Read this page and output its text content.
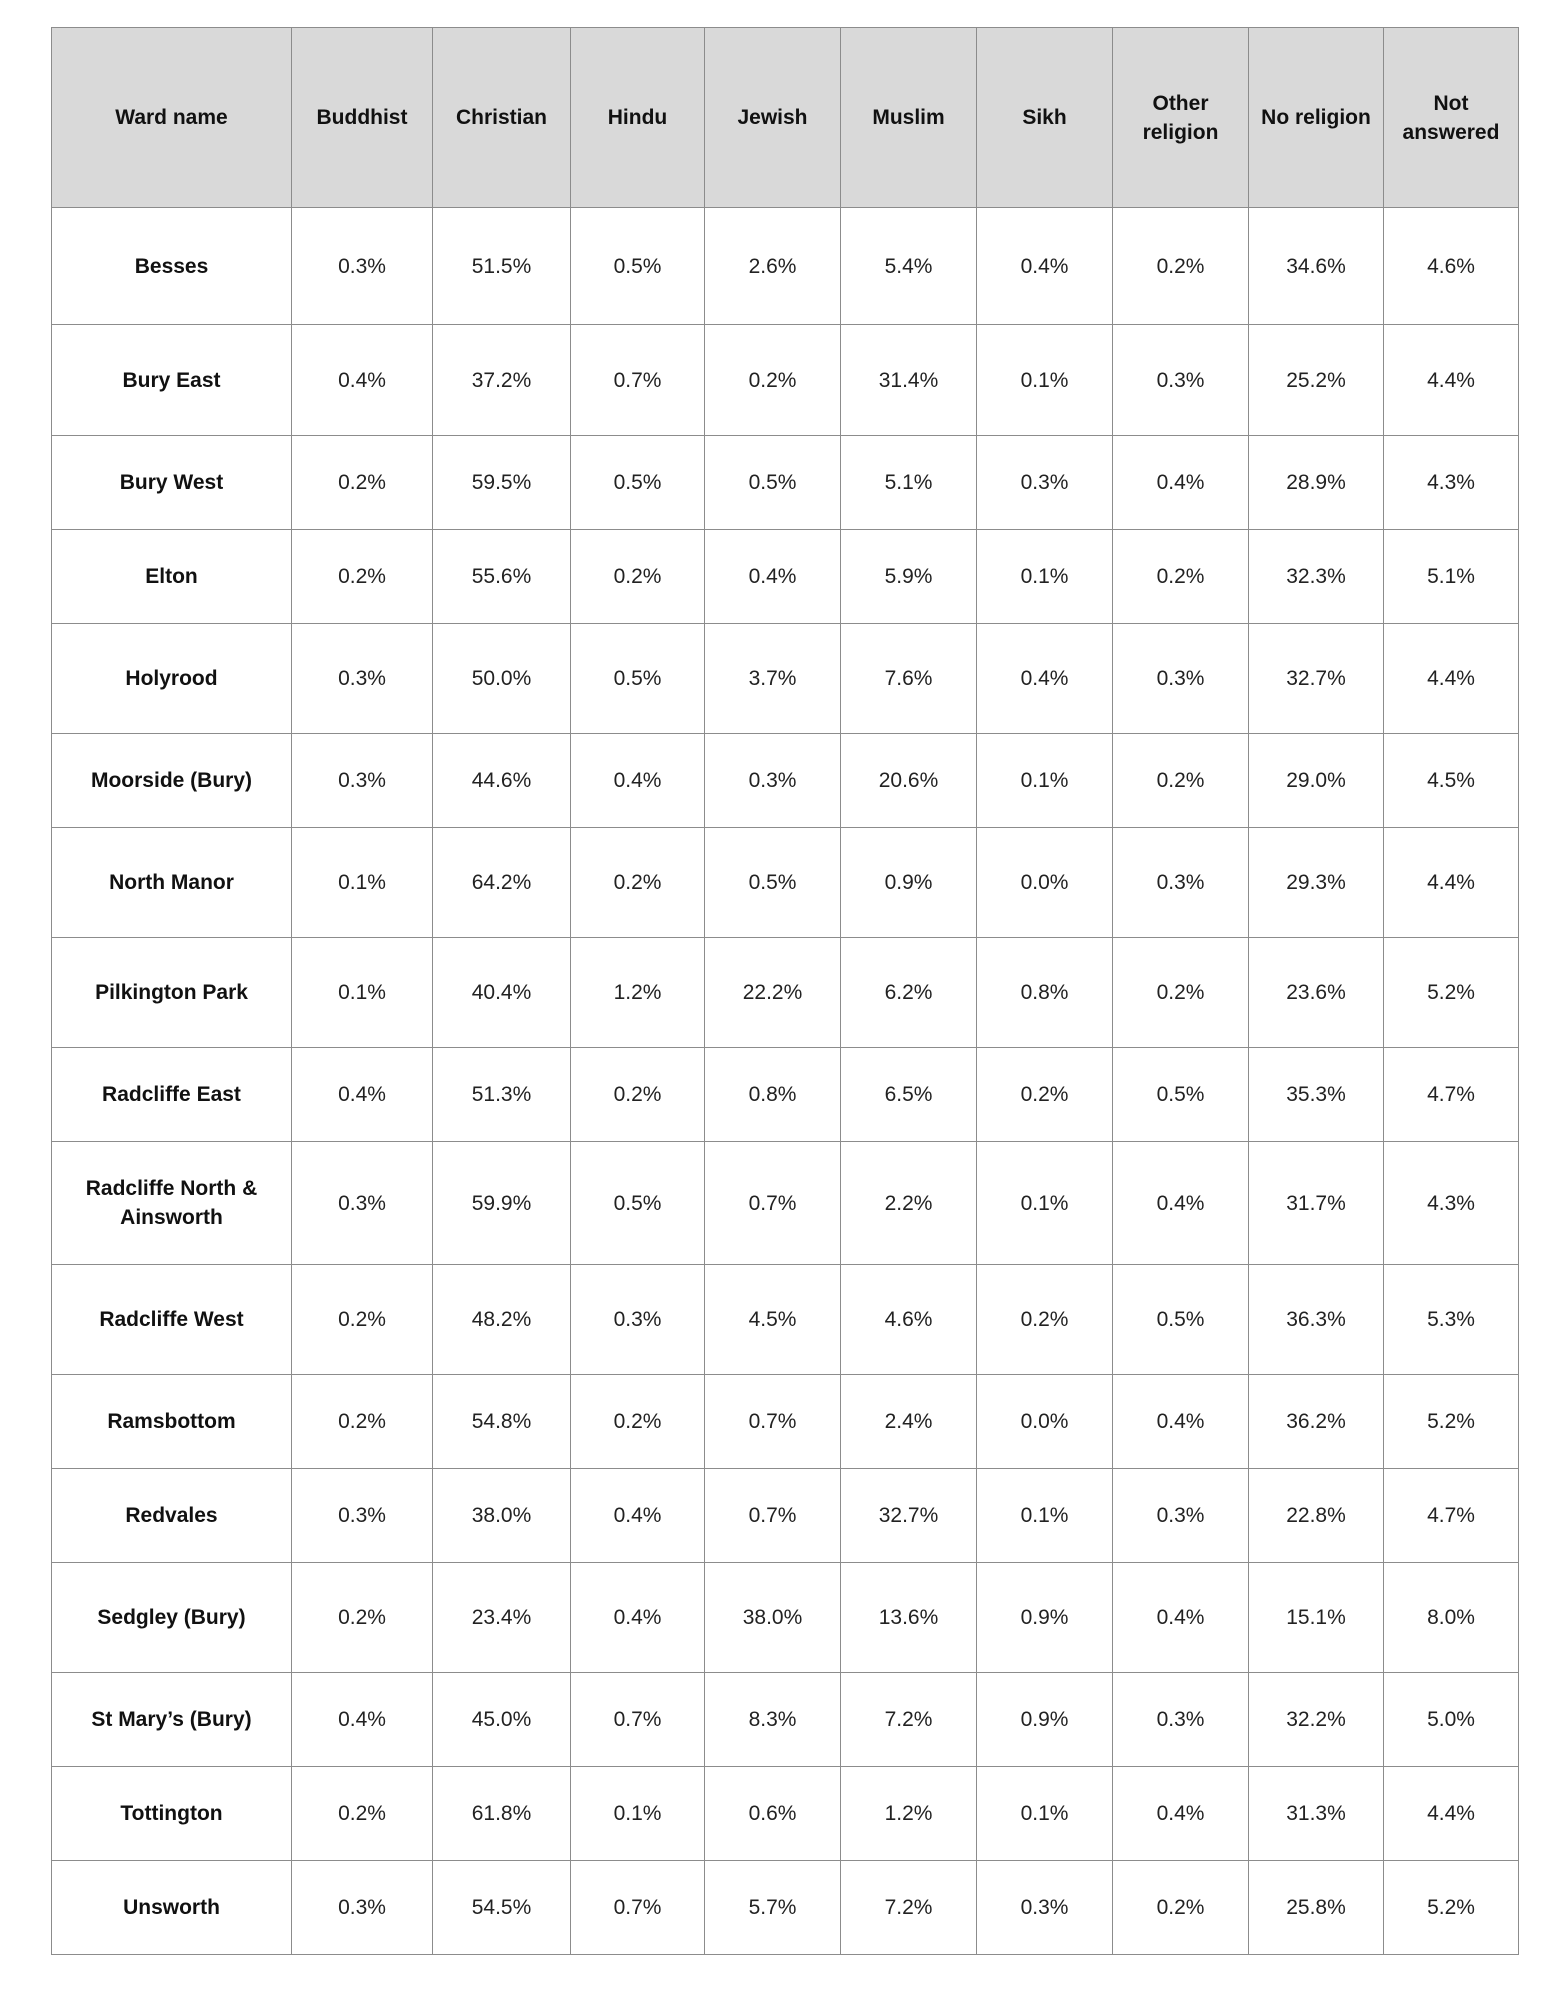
Ward name	Buddhist	Christian	Hindu	Jewish	Muslim	Sikh	Other religion	No religion	Not answered
Besses	0.3%	51.5%	0.5%	2.6%	5.4%	0.4%	0.2%	34.6%	4.6%
Bury East	0.4%	37.2%	0.7%	0.2%	31.4%	0.1%	0.3%	25.2%	4.4%
Bury West	0.2%	59.5%	0.5%	0.5%	5.1%	0.3%	0.4%	28.9%	4.3%
Elton	0.2%	55.6%	0.2%	0.4%	5.9%	0.1%	0.2%	32.3%	5.1%
Holyrood	0.3%	50.0%	0.5%	3.7%	7.6%	0.4%	0.3%	32.7%	4.4%
Moorside (Bury)	0.3%	44.6%	0.4%	0.3%	20.6%	0.1%	0.2%	29.0%	4.5%
North Manor	0.1%	64.2%	0.2%	0.5%	0.9%	0.0%	0.3%	29.3%	4.4%
Pilkington Park	0.1%	40.4%	1.2%	22.2%	6.2%	0.8%	0.2%	23.6%	5.2%
Radcliffe East	0.4%	51.3%	0.2%	0.8%	6.5%	0.2%	0.5%	35.3%	4.7%
Radcliffe North & Ainsworth	0.3%	59.9%	0.5%	0.7%	2.2%	0.1%	0.4%	31.7%	4.3%
Radcliffe West	0.2%	48.2%	0.3%	4.5%	4.6%	0.2%	0.5%	36.3%	5.3%
Ramsbottom	0.2%	54.8%	0.2%	0.7%	2.4%	0.0%	0.4%	36.2%	5.2%
Redvales	0.3%	38.0%	0.4%	0.7%	32.7%	0.1%	0.3%	22.8%	4.7%
Sedgley (Bury)	0.2%	23.4%	0.4%	38.0%	13.6%	0.9%	0.4%	15.1%	8.0%
St Mary’s (Bury)	0.4%	45.0%	0.7%	8.3%	7.2%	0.9%	0.3%	32.2%	5.0%
Tottington	0.2%	61.8%	0.1%	0.6%	1.2%	0.1%	0.4%	31.3%	4.4%
Unsworth	0.3%	54.5%	0.7%	5.7%	7.2%	0.3%	0.2%	25.8%	5.2%
